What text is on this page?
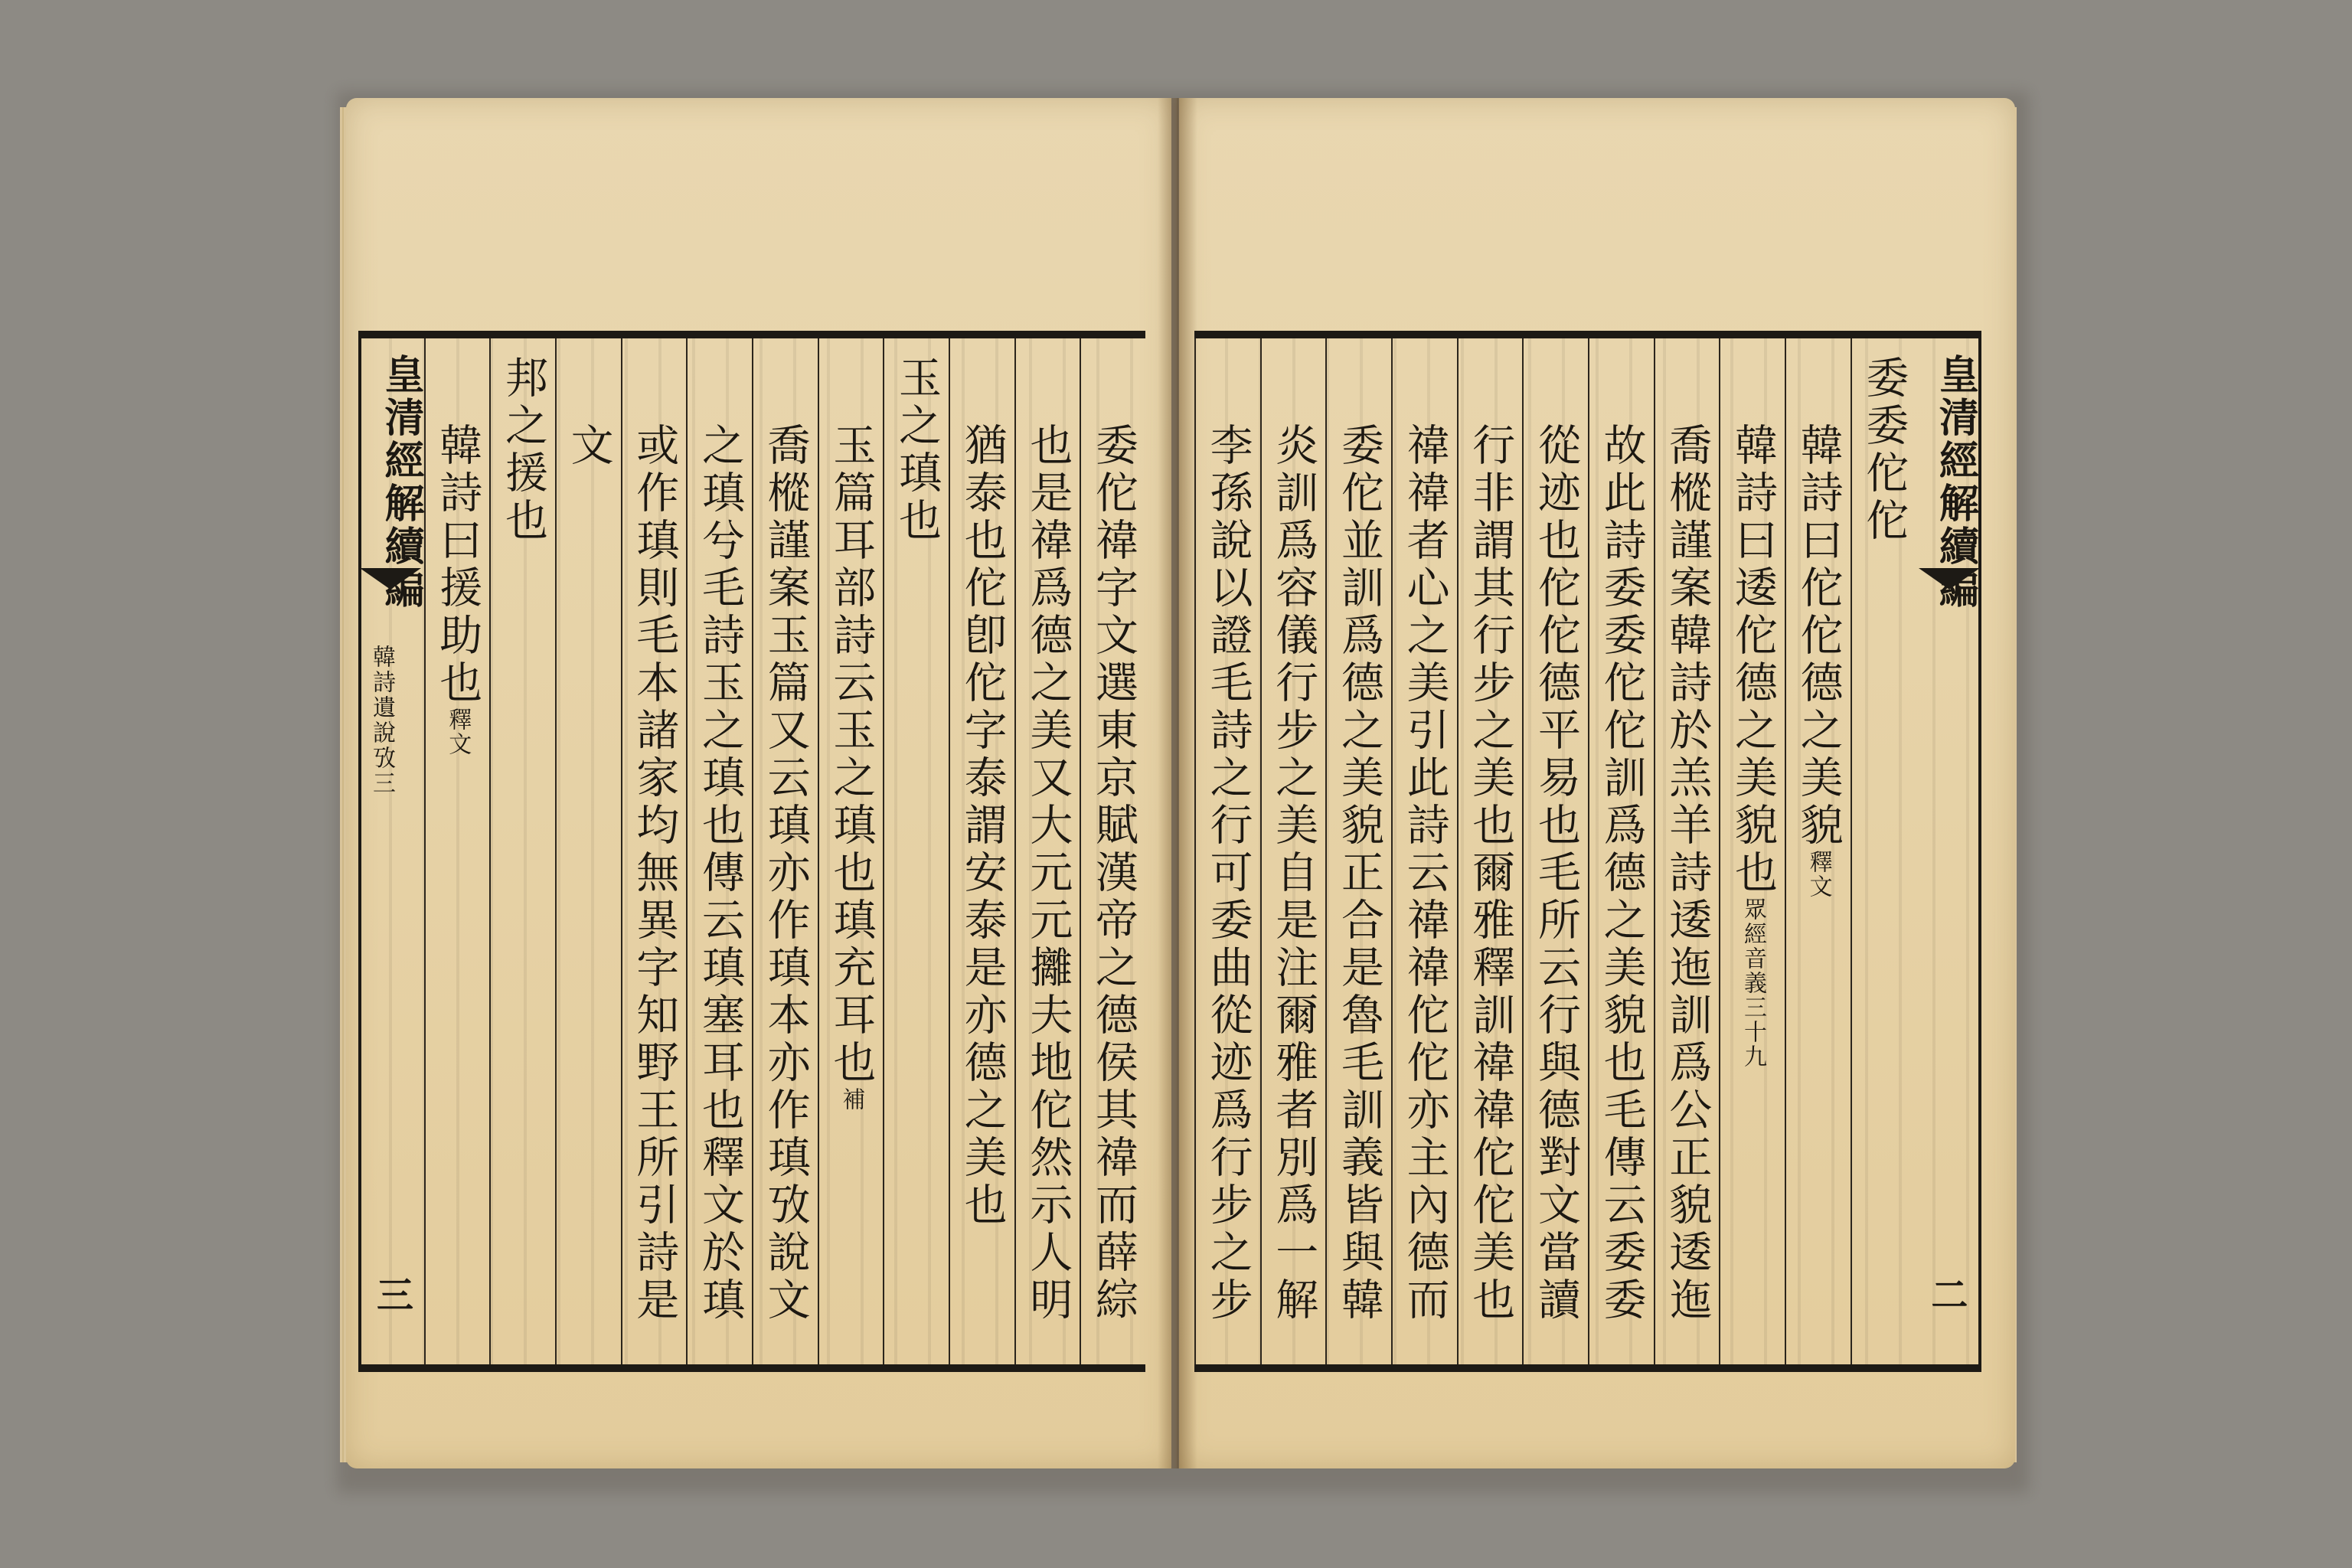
皇清經解續編
二
委委佗佗
韓詩曰佗佗德之美貌釋文
韓詩曰逶佗德之美貌也眾經音義三十九
喬樅謹案韓詩於羔羊詩逶迤訓爲公正貌逶迤
故此詩委委佗佗訓爲德之美貌也毛傳云委委
從迹也佗佗德平易也毛所云行與德對文當讀
行非謂其行步之美也爾雅釋訓禕禕佗佗美也
禕禕者心之美引此詩云禕禕佗佗亦主內德而
委佗並訓爲德之美貌正合是魯毛訓義皆與韓
炎訓爲容儀行步之美自是注爾雅者別爲一解
李孫說以證毛詩之行可委曲從迹爲行步之步
委佗禕字文選東京賦漢帝之德侯其禕而薛綜
也是禕爲德之美又大元元攡夫地佗然示人明
猶泰也佗卽佗字泰謂安泰是亦德之美也
玉之瑱也
玉篇耳部詩云玉之瑱也瑱充耳也補
喬樅謹案玉篇又云瑱亦作瑱本亦作瑱攷說文
之瑱兮毛詩玉之瑱也傳云瑱塞耳也釋文於瑱
或作瑱則毛本諸家均無異字知野王所引詩是
文
邦之援也
韓詩曰援助也釋文
皇清經解續編
韓詩遺說攷三
三
